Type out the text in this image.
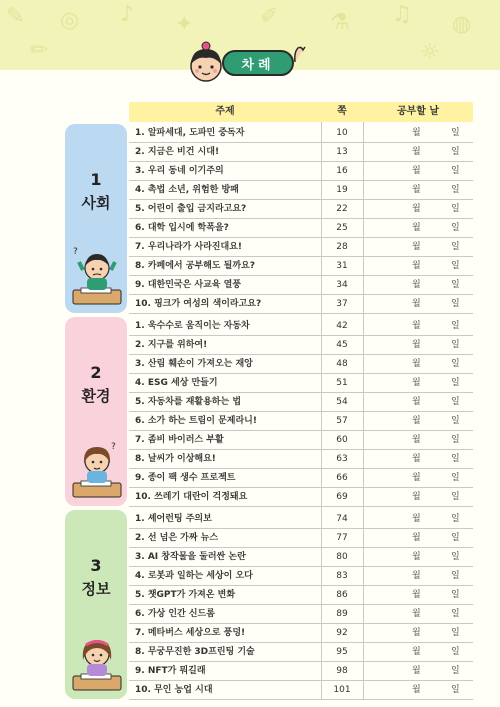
✎ ◎ ♪ ✦	✐ ⚗ ♫ ◍
✏	☼
차례
주제	쪽	공부할 날
1
사회
?
1. 알파세대, 도파민 중독자	10	월	일
2. 지금은 비건 시대!	13	월	일
3. 우리 동네 이기주의	16	월	일
4. 촉법 소년, 위험한 방패	19	월	일
5. 어린이 출입 금지라고요?	22	월	일
6. 대학 입시에 학폭을?	25	월	일
7. 우리나라가 사라진대요!	28	월	일
8. 카페에서 공부해도 될까요?	31	월	일
9. 대한민국은 사교육 열풍	34	월	일
10. 핑크가 여성의 색이라고요?	37	월	일
2
환경
?
1. 욱수수로 움직이는 자동차	42	월	일
2. 지구를 위하여!	45	월	일
3. 산림 훼손이 가져오는 재앙	48	월	일
4. ESG 세상 만들기	51	월	일
5. 자동차를 재활용하는 법	54	월	일
6. 소가 하는 트림이 문제라니!	57	월	일
7. 좀비 바이러스 부활	60	월	일
8. 날씨가 이상해요!	63	월	일
9. 종이 팩 생수 프로젝트	66	월	일
10. 쓰레기 대란이 걱정돼요	69	월	일
3
정보
1. 셰어런팅 주의보	74	월	일
2. 선 넘은 가짜 뉴스	77	월	일
3. AI 창작물을 둘러싼 논란	80	월	일
4. 로봇과 일하는 세상이 오다	83	월	일
5. 챗GPT가 가져온 변화	86	월	일
6. 가상 인간 신드롬	89	월	일
7. 메타버스 세상으로 풍덩!	92	월	일
8. 무궁무진한 3D프린팅 기술	95	월	일
9. NFT가 뭐길래	98	월	일
10. 무인 농업 시대	101	월	일
